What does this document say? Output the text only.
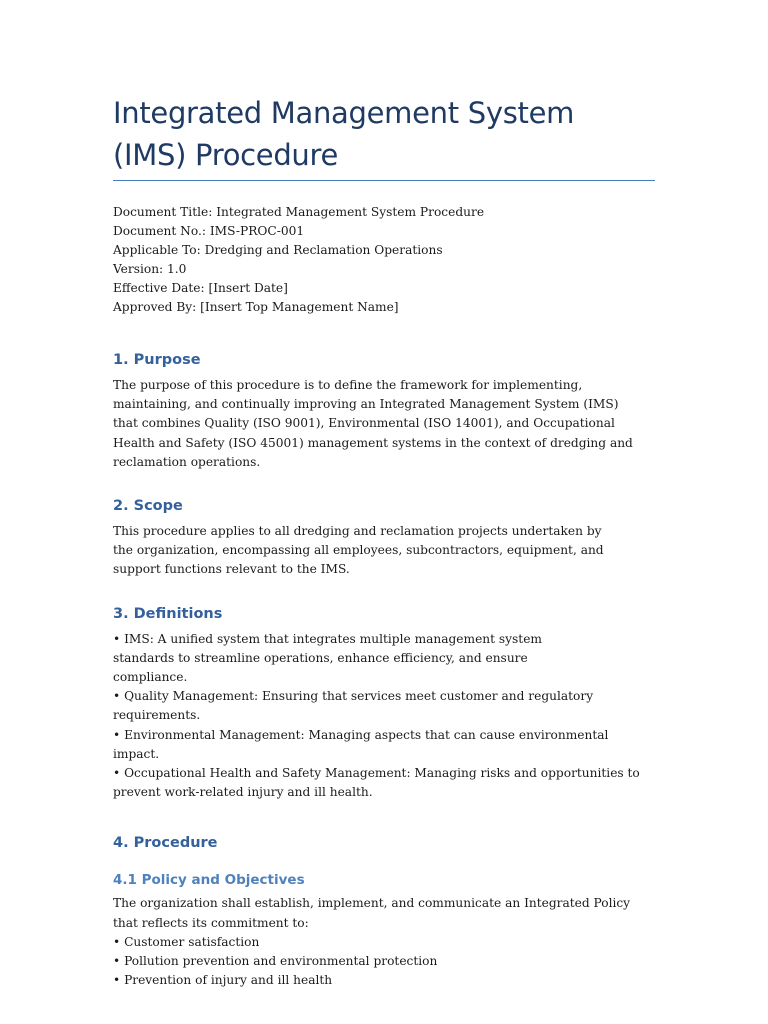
Integrated Management System (IMS) Procedure
Document Title: Integrated Management System Procedure
Document No.: IMS-PROC-001
Applicable To: Dredging and Reclamation Operations
Version: 1.0
Effective Date: [Insert Date]
Approved By: [Insert Top Management Name]
1. Purpose

The purpose of this procedure is to define the framework for implementing, maintaining, and continually improving an Integrated Management System (IMS) that combines Quality (ISO 9001), Environmental (ISO 14001), and Occupational Health and Safety (ISO 45001) management systems in the context of dredging and reclamation operations.

2. Scope

This procedure applies to all dredging and reclamation projects undertaken by the organization, encompassing all employees, subcontractors, equipment, and support functions relevant to the IMS.

3. Definitions

• IMS: A unified system that integrates multiple management system standards to streamline operations, enhance efficiency, and ensure compliance.

• Quality Management: Ensuring that services meet customer and regulatory requirements.

• Environmental Management: Managing aspects that can cause environmental impact.

• Occupational Health and Safety Management: Managing risks and opportunities to prevent work-related injury and ill health.

4. Procedure
4.1 Policy and Objectives

The organization shall establish, implement, and communicate an Integrated Policy that reflects its commitment to:

• Customer satisfaction

• Pollution prevention and environmental protection

• Prevention of injury and ill health
